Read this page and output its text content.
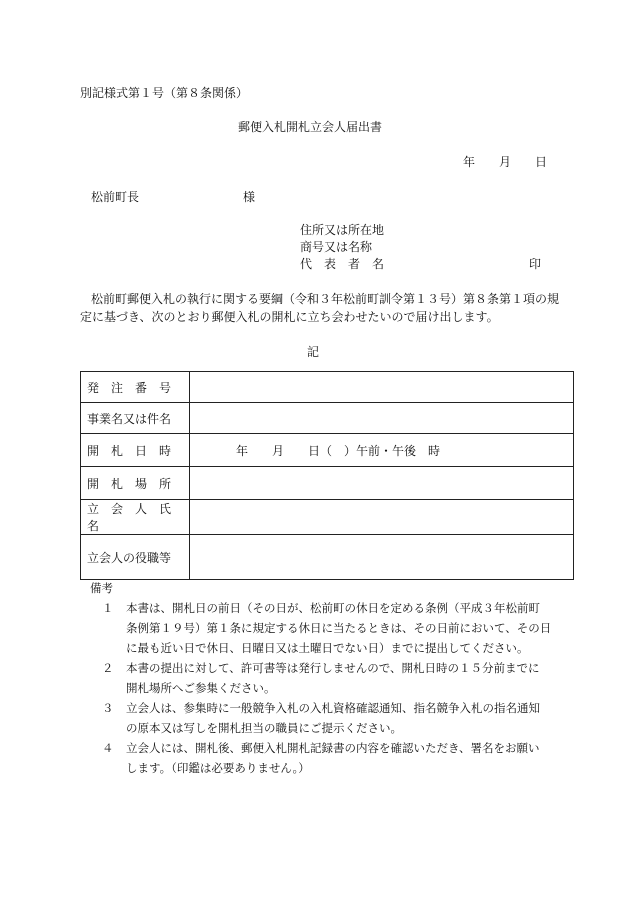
別記様式第１号（第８条関係）
郵便入札開札立会人届出書
年 月 日
松前町長	様
住所又は所在地
商号又は名称
代　表　者　名	印
松前町郵便入札の執行に関する要綱（令和３年松前町訓令第１３号）第８条第１項の規
定に基づき、次のとおり郵便入札の開札に立ち会わせたいので届け出します。
記
発　注　番　号	
事業名又は件名	
開　札　日　時	年　　月　　日（　）午前・午後　時
開　札　場　所	
立　会　人　氏　名	
立会人の役職等	
備考
１ 本書は、開札日の前日（その日が、松前町の休日を定める条例（平成３年松前町
条例第１９号）第１条に規定する休日に当たるときは、その日前において、その日
に最も近い日で休日、日曜日又は土曜日でない日）までに提出してください。
２ 本書の提出に対して、許可書等は発行しませんので、開札日時の１５分前までに
開札場所へご参集ください。
３ 立会人は、参集時に一般競争入札の入札資格確認通知、指名競争入札の指名通知
の原本又は写しを開札担当の職員にご提示ください。
４ 立会人には、開札後、郵便入札開札記録書の内容を確認いただき、署名をお願い
します。（印鑑は必要ありません。）
